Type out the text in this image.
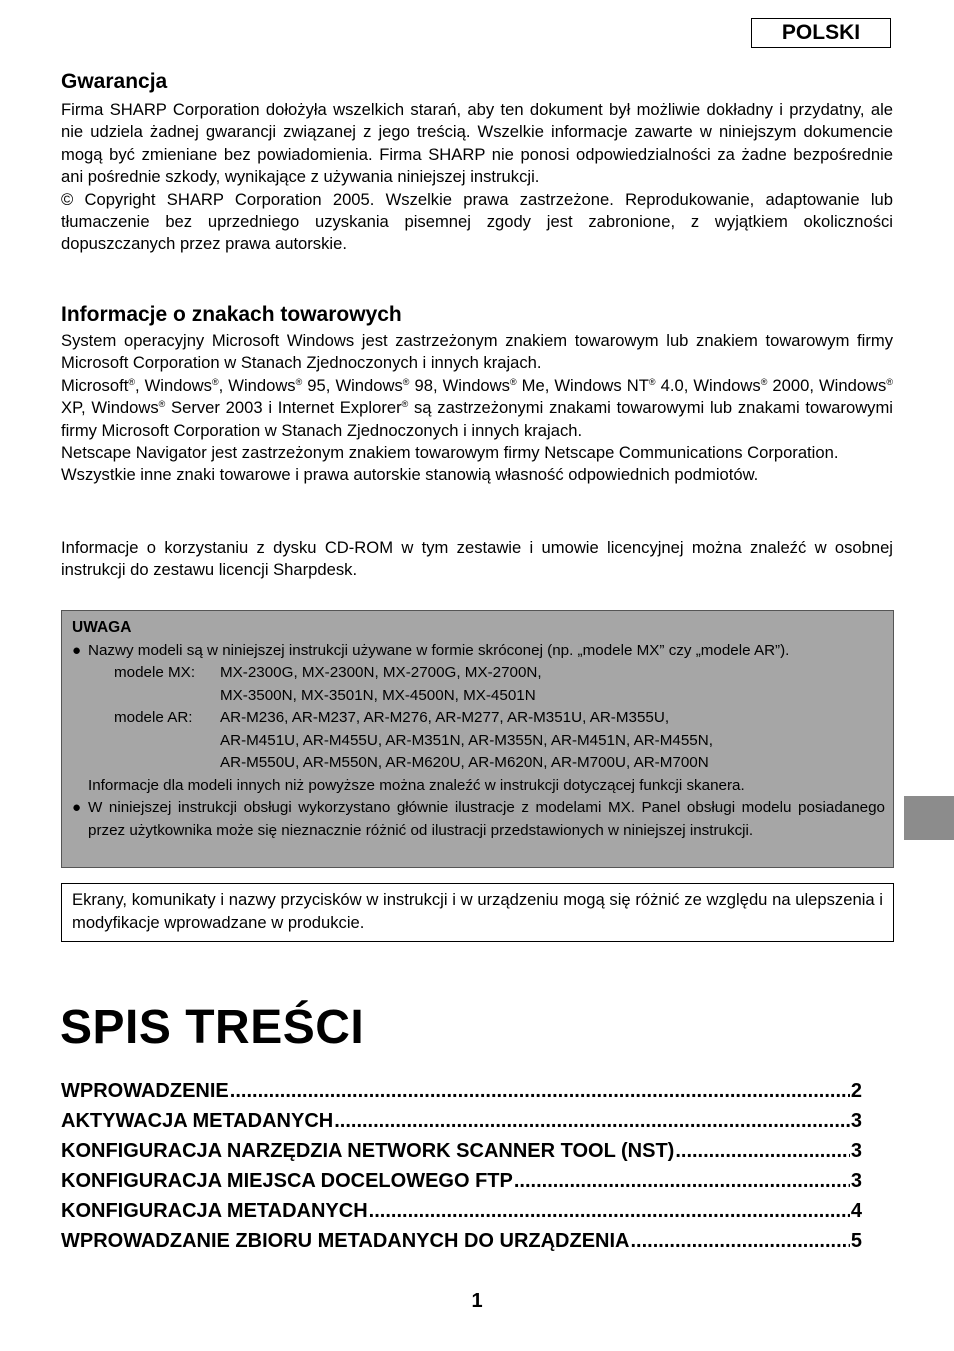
POLSKI
Gwarancja

Firma SHARP Corporation dołożyła wszelkich starań, aby ten dokument był możliwie dokładny i przydatny, ale nie udziela żadnej gwarancji związanej z jego treścią. Wszelkie informacje zawarte w niniejszym dokumencie mogą być zmieniane bez powiadomienia. Firma SHARP nie ponosi odpowiedzialności za żadne bezpośrednie ani pośrednie szkody, wynikające z używania niniejszej instrukcji.

© Copyright SHARP Corporation 2005. Wszelkie prawa zastrzeżone. Reprodukowanie, adaptowanie lub tłumaczenie bez uprzedniego uzyskania pisemnej zgody jest zabronione, z wyjątkiem okoliczności dopuszczanych przez prawa autorskie.

Informacje o znakach towarowych

System operacyjny Microsoft Windows jest zastrzeżonym znakiem towarowym lub znakiem towarowym firmy Microsoft Corporation w Stanach Zjednoczonych i innych krajach.

Microsoft®, Windows®, Windows® 95, Windows® 98, Windows® Me, Windows NT® 4.0, Windows® 2000, Windows® XP, Windows® Server 2003 i Internet Explorer® są zastrzeżonymi znakami towarowymi lub znakami towarowymi firmy Microsoft Corporation w Stanach Zjednoczonych i innych krajach.

Netscape Navigator jest zastrzeżonym znakiem towarowym firmy Netscape Communications Corporation.

Wszystkie inne znaki towarowe i prawa autorskie stanowią własność odpowiednich podmiotów.

Informacje o korzystaniu z dysku CD-ROM w tym zestawie i umowie licencyjnej można znaleźć w osobnej instrukcji do zestawu licencji Sharpdesk.
UWAGA
● Nazwy modeli są w niniejszej instrukcji używane w formie skróconej (np. „modele MX” czy „modele AR”).
modele MX:	MX-2300G, MX-2300N, MX-2700G, MX-2700N,
MX-3500N, MX-3501N, MX-4500N, MX-4501N
modele AR:	AR-M236, AR-M237, AR-M276, AR-M277, AR-M351U, AR-M355U,
AR-M451U, AR-M455U, AR-M351N, AR-M355N, AR-M451N, AR-M455N,
AR-M550U, AR-M550N, AR-M620U, AR-M620N, AR-M700U, AR-M700N
Informacje dla modeli innych niż powyższe można znaleźć w instrukcji dotyczącej funkcji skanera.
● W niniejszej instrukcji obsługi wykorzystano głównie ilustracje z modelami MX. Panel obsługi modelu posiadanego przez użytkownika może się nieznacznie różnić od ilustracji przedstawionych w niniejszej instrukcji.
Ekrany, komunikaty i nazwy przycisków w instrukcji i w urządzeniu mogą się różnić ze względu na ulepszenia i modyfikacje wprowadzane w produkcie.
SPIS TREŚCI
WPROWADZENIE .....	2
AKTYWACJA METADANYCH .....	3
KONFIGURACJA NARZĘDZIA NETWORK SCANNER TOOL (NST) .....	3
KONFIGURACJA MIEJSCA DOCELOWEGO FTP .....	3
KONFIGURACJA METADANYCH .....	4
WPROWADZANIE ZBIORU METADANYCH DO URZĄDZENIA .....	5
1
